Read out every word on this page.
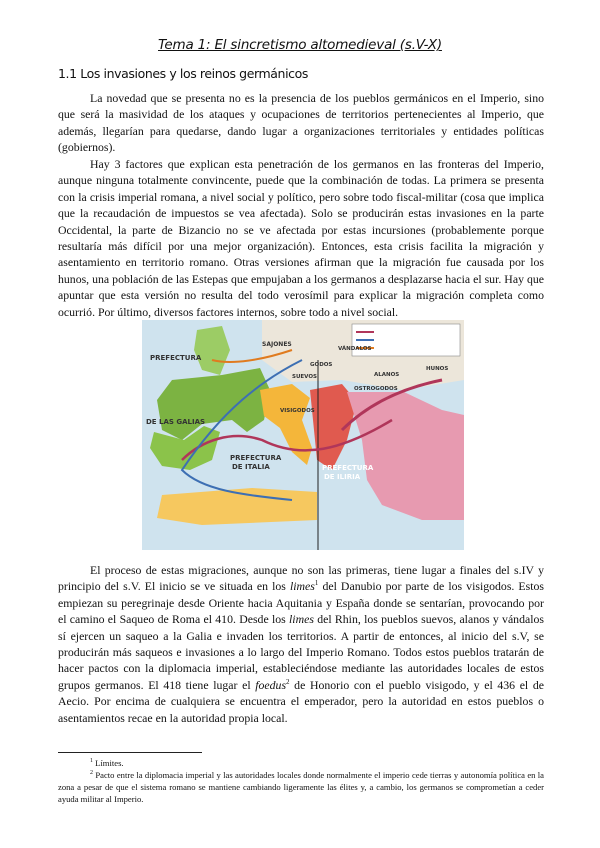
Tema 1: El sincretismo altomedieval (s.V-X)
1.1 Los invasiones y los reinos germánicos

La novedad que se presenta no es la presencia de los pueblos germánicos en el Imperio, sino que será la masividad de los ataques y ocupaciones de territorios pertenecientes al Imperio, que además, llegarían para quedarse, dando lugar a organizaciones territoriales y entidades políticas (gobiernos).

Hay 3 factores que explican esta penetración de los germanos en las fronteras del Imperio, aunque ninguna totalmente convincente, puede que la combinación de todas. La primera se presenta con la crisis imperial romana, a nivel social y político, pero sobre todo fiscal-militar (cosa que implica que la recaudación de impuestos se vea afectada). Solo se producirán estas invasiones en la parte Occidental, la parte de Bizancio no se ve afectada por estas incursiones (probablemente porque resultaría más difícil por una mejor organización). Entonces, esta crisis facilita la migración y asentamiento en territorio romano. Otras versiones afirman que la migración fue causada por los hunos, una población de las Estepas que empujaban a los germanos a desplazarse hacia el sur. Hay que apuntar que esta versión no resulta del todo verosímil para explicar la migración completa como ocurrió. Por último, diversos factores internos, sobre todo a nivel social.

PREFECTURA
DE LAS GALIAS
PREFECTURA
DE ITALIA	PREFECTURA
DE ILIRIA
SAJONES
SUEVOS
GODOS
VÁNDALOS
ALANOS
VISIGODOS
HUNOS
OSTROGODOS

El proceso de estas migraciones, aunque no son las primeras, tiene lugar a finales del s.IV y principio del s.V. El inicio se ve situada en los limes$^1$ del Danubio por parte de los visigodos. Estos empiezan su peregrinaje desde Oriente hacia Aquitania y España donde se sentarían, provocando por el camino el Saqueo de Roma el 410. Desde los limes del Rhin, los pueblos suevos, alanos y vándalos sí ejercen un saqueo a la Galia e invaden los territorios. A partir de entonces, al inicio del s.V, se producirán más saqueos e invasiones a lo largo del Imperio Romano. Todos estos pueblos tratarán de hacer pactos con la diplomacia imperial, estableciéndose mediante las autoridades locales de estos grupos germanos. El 418 tiene lugar el foedus$^2$ de Honorio con el pueblo visigodo, y el 436 el de Aecio. Por encima de cualquiera se encuentra el emperador, pero la autoridad en estos pueblos o asentamientos recae en la autoridad propia local.

$^1$ Límites.

$^2$ Pacto entre la diplomacia imperial y las autoridades locales donde normalmente el imperio cede tierras y autonomía política en la zona a pesar de que el sistema romano se mantiene cambiando ligeramente las élites y, a cambio, los germanos se comprometían a ceder ayuda militar al Imperio.
